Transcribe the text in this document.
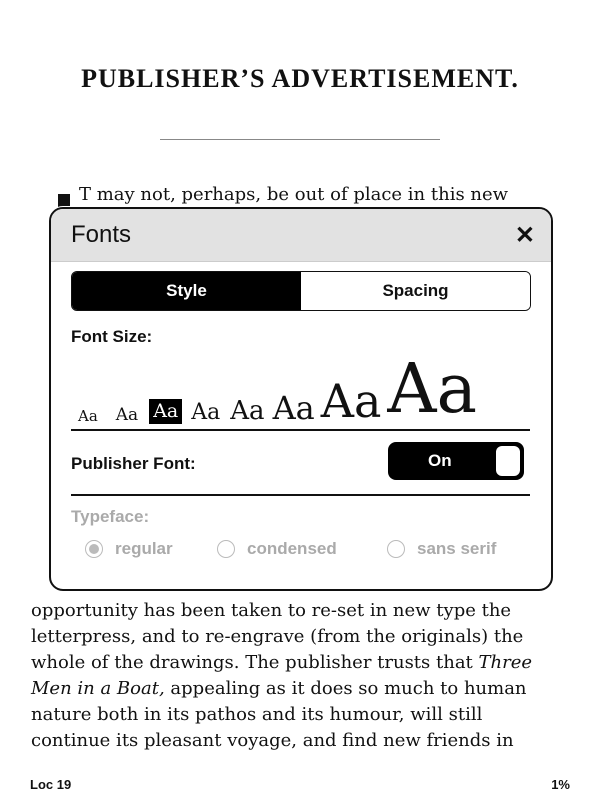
PUBLISHER’S ADVERTISEMENT.

T may not, perhaps, be out of place in this new

opportunity has been taken to re-set in new type the

letterpress, and to re-engrave (from the originals) the

whole of the drawings. The publisher trusts that Three

Men in a Boat, appealing as it does so much to human

nature both in its pathos and its humour, will still

continue its pleasant voyage, and find new friends in

Loc 19	1%
Fonts	✕
Style	Spacing
Font Size:
Aa Aa Aa Aa Aa Aa Aa Aa
Publisher Font:	On
Typeface:
regular	condensed	sans serif
